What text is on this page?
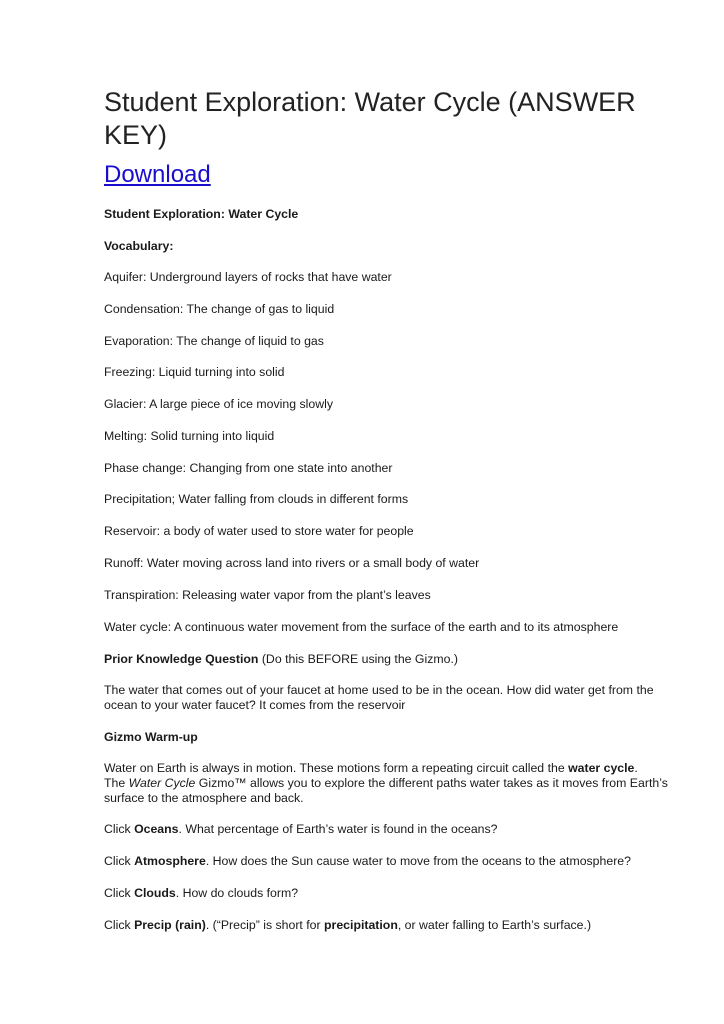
Student Exploration: Water Cycle (ANSWER KEY)
Download
Student Exploration: Water Cycle
Vocabulary:
Aquifer: Underground layers of rocks that have water
Condensation: The change of gas to liquid
Evaporation: The change of liquid to gas
Freezing: Liquid turning into solid
Glacier: A large piece of ice moving slowly
Melting: Solid turning into liquid
Phase change: Changing from one state into another
Precipitation; Water falling from clouds in different forms
Reservoir: a body of water used to store water for people
Runoff: Water moving across land into rivers or a small body of water
Transpiration: Releasing water vapor from the plant’s leaves
Water cycle: A continuous water movement from the surface of the earth and to its atmosphere
Prior Knowledge Question (Do this BEFORE using the Gizmo.)
The water that comes out of your faucet at home used to be in the ocean. How did water get from the ocean to your water faucet? It comes from the reservoir
Gizmo Warm-up
Water on Earth is always in motion. These motions form a repeating circuit called the water cycle.
The Water Cycle Gizmo™ allows you to explore the different paths water takes as it moves from Earth’s surface to the atmosphere and back.
Click Oceans. What percentage of Earth’s water is found in the oceans?
Click Atmosphere. How does the Sun cause water to move from the oceans to the atmosphere?
Click Clouds. How do clouds form?
Click Precip (rain). (“Precip” is short for precipitation, or water falling to Earth’s surface.)
